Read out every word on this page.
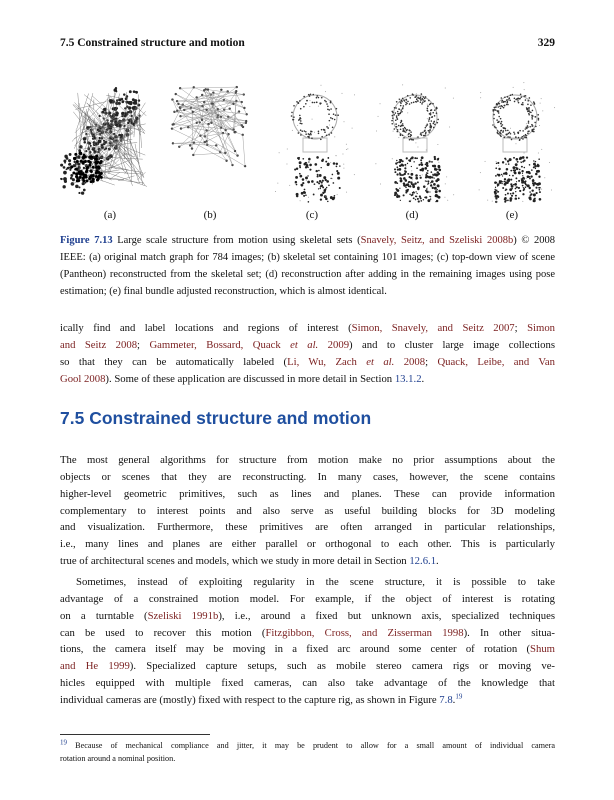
7.5 Constrained structure and motion	329
(a)	(b)	(c)	(d)	(e)
Figure 7.13 Large scale structure from motion using skeletal sets (Snavely, Seitz, and Szeliski 2008b) © 2008
IEEE: (a) original match graph for 784 images; (b) skeletal set containing 101 images; (c) top-down view of scene
(Pantheon) reconstructed from the skeletal set; (d) reconstruction after adding in the remaining images using pose
estimation; (e) final bundle adjusted reconstruction, which is almost identical.
ically find and label locations and regions of interest (Simon, Snavely, and Seitz 2007; Simon
and Seitz 2008; Gammeter, Bossard, Quack et al. 2009) and to cluster large image collections
so that they can be automatically labeled (Li, Wu, Zach et al. 2008; Quack, Leibe, and Van
Gool 2008). Some of these application are discussed in more detail in Section 13.1.2.
7.5 Constrained structure and motion
The most general algorithms for structure from motion make no prior assumptions about the
objects or scenes that they are reconstructing. In many cases, however, the scene contains
higher-level geometric primitives, such as lines and planes. These can provide information
complementary to interest points and also serve as useful building blocks for 3D modeling
and visualization. Furthermore, these primitives are often arranged in particular relationships,
i.e., many lines and planes are either parallel or orthogonal to each other. This is particularly
true of architectural scenes and models, which we study in more detail in Section 12.6.1.
  Sometimes, instead of exploiting regularity in the scene structure, it is possible to take
advantage of a constrained motion model. For example, if the object of interest is rotating
on a turntable (Szeliski 1991b), i.e., around a fixed but unknown axis, specialized techniques
can be used to recover this motion (Fitzgibbon, Cross, and Zisserman 1998). In other situa-
tions, the camera itself may be moving in a fixed arc around some center of rotation (Shum
and He 1999). Specialized capture setups, such as mobile stereo camera rigs or moving ve-
hicles equipped with multiple fixed cameras, can also take advantage of the knowledge that
individual cameras are (mostly) fixed with respect to the capture rig, as shown in Figure 7.8.19
19 Because of mechanical compliance and jitter, it may be prudent to allow for a small amount of individual camera
rotation around a nominal position.
